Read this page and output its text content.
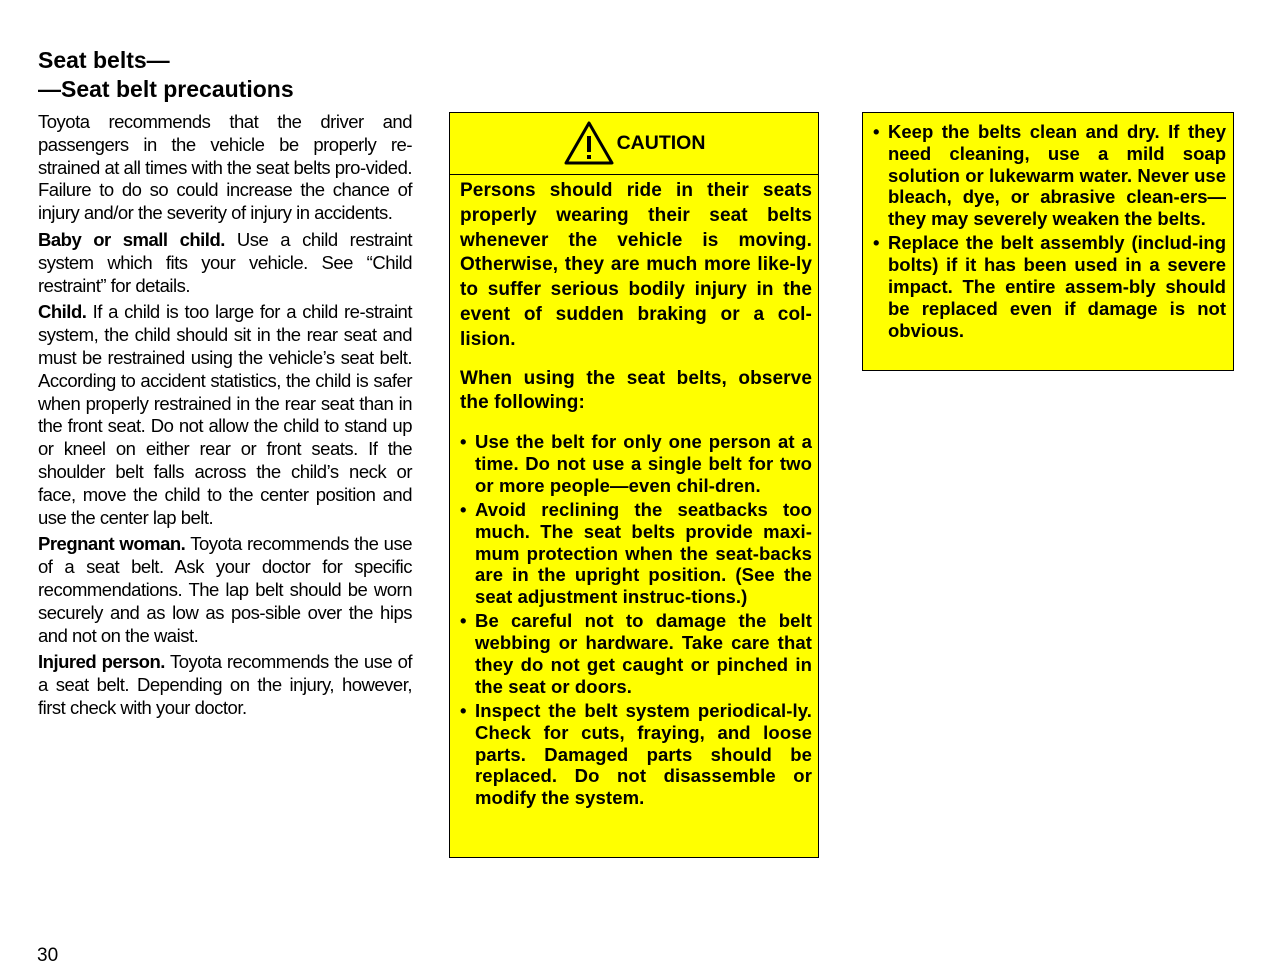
Seat belts—
—Seat belt precautions

Toyota recommends that the driver and passengers in the vehicle be properly re-strained at all times with the seat belts pro-vided. Failure to do so could increase the chance of injury and/or the severity of injury in accidents.

Baby or small child. Use a child restraint system which fits your vehicle. See “Child restraint” for details.

Child. If a child is too large for a child re-straint system, the child should sit in the rear seat and must be restrained using the vehicle’s seat belt. According to accident statistics, the child is safer when properly restrained in the rear seat than in the front seat. Do not allow the child to stand up or kneel on either rear or front seats. If the shoulder belt falls across the child’s neck or face, move the child to the center position and use the center lap belt.

Pregnant woman. Toyota recommends the use of a seat belt. Ask your doctor for specific recommendations. The lap belt should be worn securely and as low as pos-sible over the hips and not on the waist.

Injured person. Toyota recommends the use of a seat belt. Depending on the injury, however, first check with your doctor.

CAUTION

Persons should ride in their seats properly wearing their seat belts whenever the vehicle is moving. Otherwise, they are much more like-ly to suffer serious bodily injury in the event of sudden braking or a col-lision.

When using the seat belts, observe the following:

• Use the belt for only one person at a time. Do not use a single belt for two or more people—even chil-dren.
• Avoid reclining the seatbacks too much. The seat belts provide maxi-mum protection when the seat-backs are in the upright position. (See the seat adjustment instruc-tions.)
• Be careful not to damage the belt webbing or hardware. Take care that they do not get caught or pinched in the seat or doors.
• Inspect the belt system periodical-ly. Check for cuts, fraying, and loose parts. Damaged parts should be replaced. Do not disassemble or modify the system.
• Keep the belts clean and dry. If they need cleaning, use a mild soap solution or lukewarm water. Never use bleach, dye, or abrasive clean-ers—they may severely weaken the belts.
• Replace the belt assembly (includ-ing bolts) if it has been used in a severe impact. The entire assem-bly should be replaced even if damage is not obvious.
30
